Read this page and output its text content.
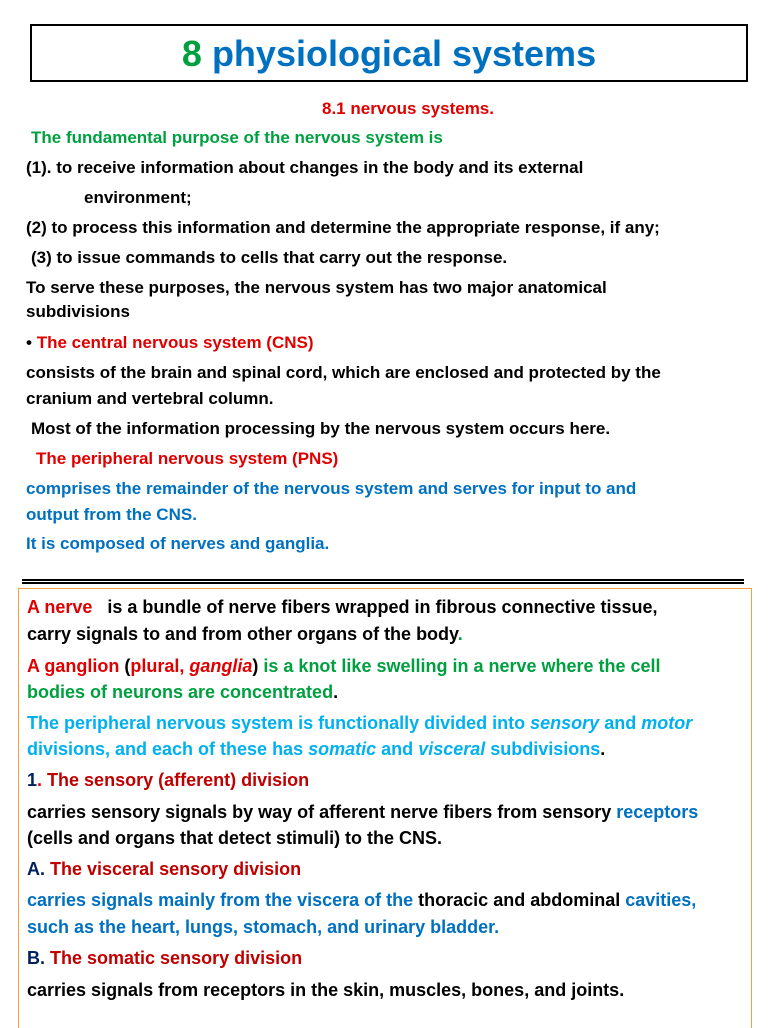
8 physiological systems
8.1 nervous systems.
The fundamental purpose of the nervous system is
(1). to receive information about changes in the body and its external
environment;
(2) to process this information and determine the appropriate response, if any;
(3) to issue commands to cells that carry out the response.
To serve these purposes, the nervous system has two major anatomical
subdivisions
• The central nervous system (CNS)
consists of the brain and spinal cord, which are enclosed and protected by the
cranium and vertebral column.
Most of the information processing by the nervous system occurs here.
The peripheral nervous system (PNS)
comprises the remainder of the nervous system and serves for input to and
output from the CNS.
It is composed of nerves and ganglia.
A nerve is a bundle of nerve fibers wrapped in fibrous connective tissue,
carry signals to and from other organs of the body.
A ganglion (plural, ganglia) is a knot like swelling in a nerve where the cell
bodies of neurons are concentrated.
The peripheral nervous system is functionally divided into sensory and motor
divisions, and each of these has somatic and visceral subdivisions.
1. The sensory (afferent) division
carries sensory signals by way of afferent nerve fibers from sensory receptors
(cells and organs that detect stimuli) to the CNS.
A. The visceral sensory division
carries signals mainly from the viscera of the thoracic and abdominal cavities,
such as the heart, lungs, stomach, and urinary bladder.
B. The somatic sensory division
carries signals from receptors in the skin, muscles, bones, and joints.
